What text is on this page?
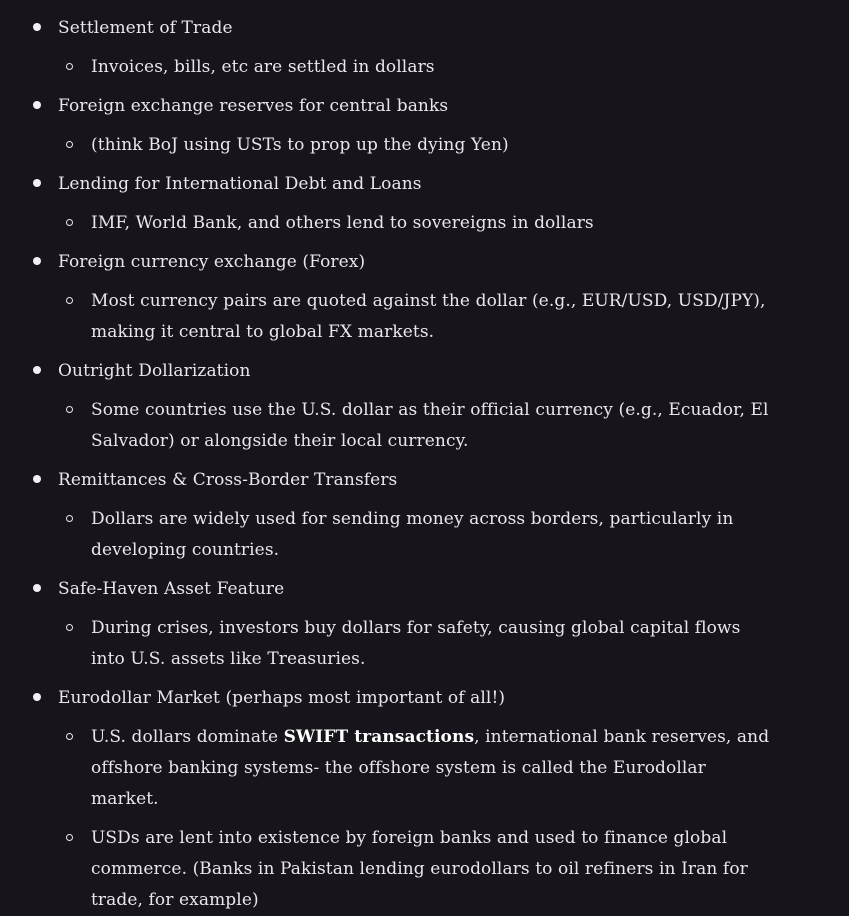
Settlement of Trade
Invoices, bills, etc are settled in dollars
Foreign exchange reserves for central banks
(think BoJ using USTs to prop up the dying Yen)
Lending for International Debt and Loans
IMF, World Bank, and others lend to sovereigns in dollars
Foreign currency exchange (Forex)
Most currency pairs are quoted against the dollar (e.g., EUR/USD, USD/JPY), making it central to global FX markets.
Outright Dollarization
Some countries use the U.S. dollar as their official currency (e.g., Ecuador, El Salvador) or alongside their local currency.
Remittances & Cross-Border Transfers
Dollars are widely used for sending money across borders, particularly in developing countries.
Safe-Haven Asset Feature
During crises, investors buy dollars for safety, causing global capital flows into U.S. assets like Treasuries.
Eurodollar Market (perhaps most important of all!)
U.S. dollars dominate SWIFT transactions, international bank reserves, and offshore banking systems- the offshore system is called the Eurodollar market.
USDs are lent into existence by foreign banks and used to finance global commerce. (Banks in Pakistan lending eurodollars to oil refiners in Iran for trade, for example)
